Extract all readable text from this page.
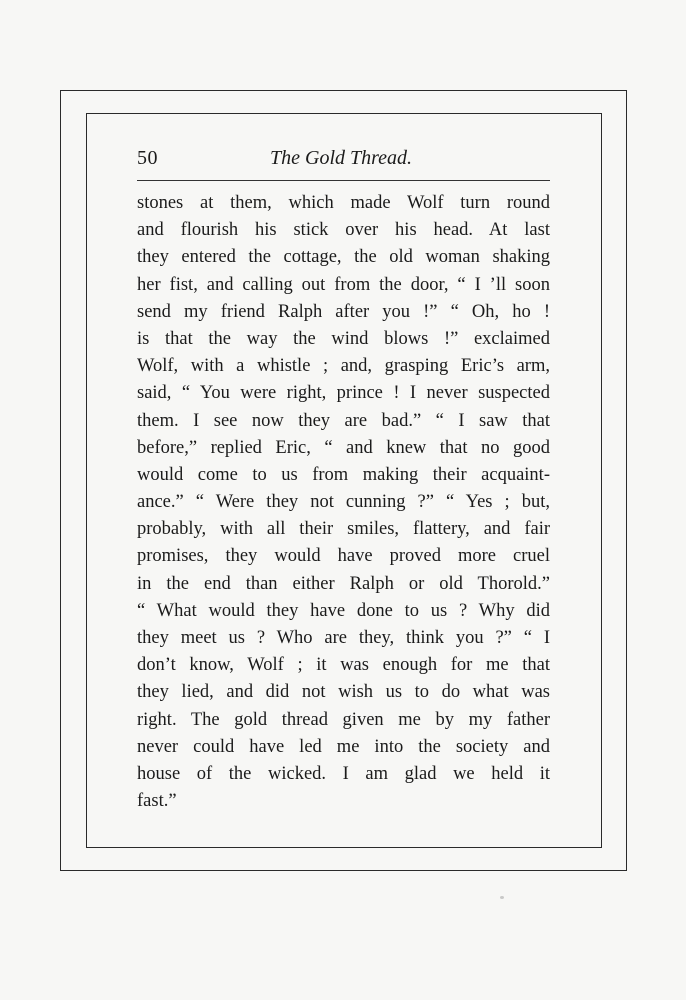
50	The Gold Thread.
stones at them, which made Wolf turn round
and flourish his stick over his head. At last
they entered the cottage, the old woman shaking
her fist, and calling out from the door, “ I ’ll soon
send my friend Ralph after you !” “ Oh, ho !
is that the way the wind blows !” exclaimed
Wolf, with a whistle ; and, grasping Eric’s arm,
said, “ You were right, prince ! I never suspected
them. I see now they are bad.” “ I saw that
before,” replied Eric, “ and knew that no good
would come to us from making their acquaint-
ance.” “ Were they not cunning ?” “ Yes ; but,
probably, with all their smiles, flattery, and fair
promises, they would have proved more cruel
in the end than either Ralph or old Thorold.”
“ What would they have done to us ? Why did
they meet us ? Who are they, think you ?” “ I
don’t know, Wolf ; it was enough for me that
they lied, and did not wish us to do what was
right. The gold thread given me by my father
never could have led me into the society and
house of the wicked. I am glad we held it
fast.”
